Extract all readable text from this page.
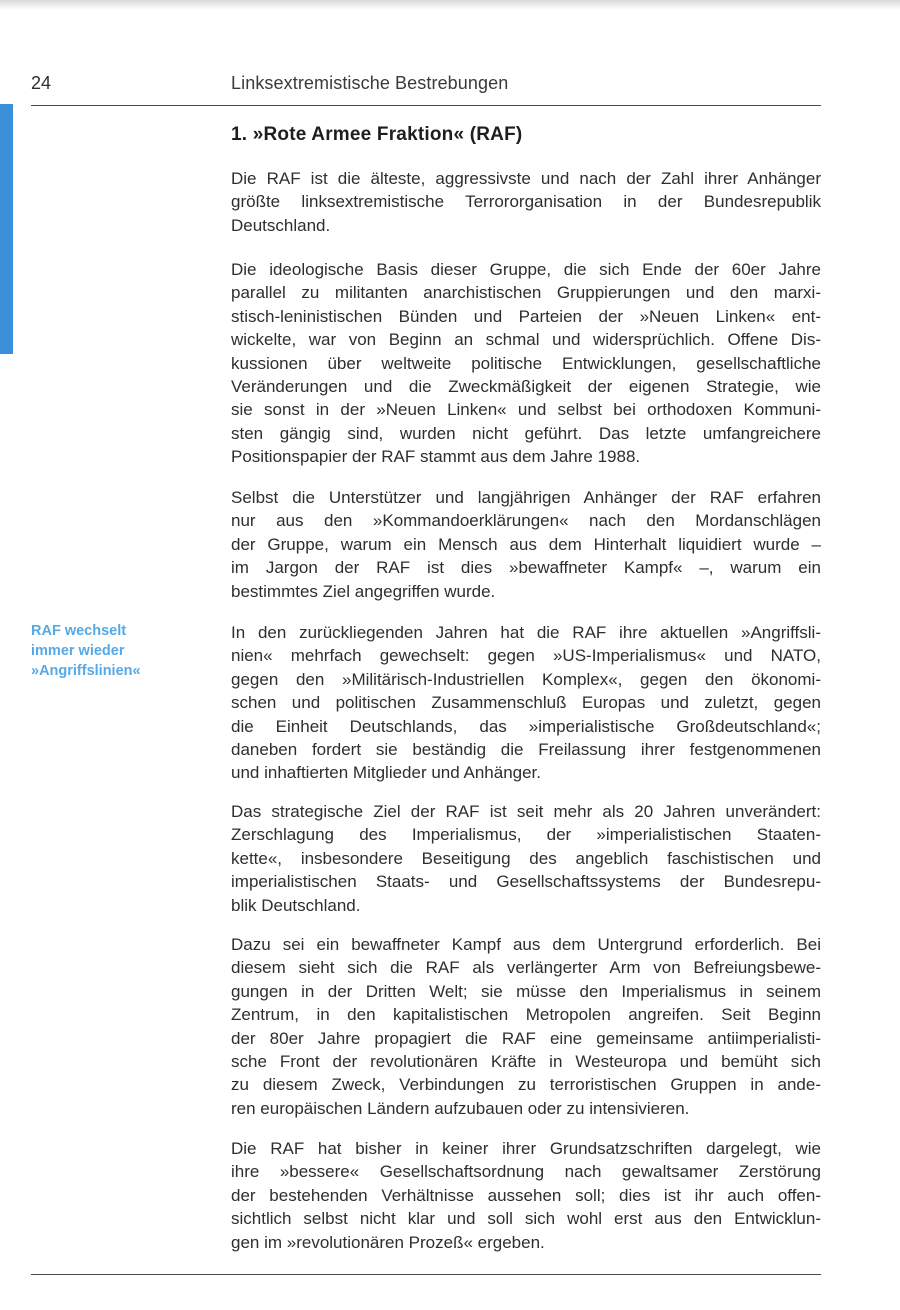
24	Linksextremistische Bestrebungen
1. »Rote Armee Fraktion« (RAF)
RAF wechselt
immer wieder
»Angriffslinien«
Die RAF ist die älteste, aggressivste und nach der Zahl ihrer Anhänger
größte linksextremistische Terrororganisation in der Bundesrepublik
Deutschland.
Die ideologische Basis dieser Gruppe, die sich Ende der 60er Jahre
parallel zu militanten anarchistischen Gruppierungen und den marxi-
stisch-leninistischen Bünden und Parteien der »Neuen Linken« ent-
wickelte, war von Beginn an schmal und widersprüchlich. Offene Dis-
kussionen über weltweite politische Entwicklungen, gesellschaftliche
Veränderungen und die Zweckmäßigkeit der eigenen Strategie, wie
sie sonst in der »Neuen Linken« und selbst bei orthodoxen Kommuni-
sten gängig sind, wurden nicht geführt. Das letzte umfangreichere
Positionspapier der RAF stammt aus dem Jahre 1988.
Selbst die Unterstützer und langjährigen Anhänger der RAF erfahren
nur aus den »Kommandoerklärungen« nach den Mordanschlägen
der Gruppe, warum ein Mensch aus dem Hinterhalt liquidiert wurde –
im Jargon der RAF ist dies »bewaffneter Kampf« –, warum ein
bestimmtes Ziel angegriffen wurde.
In den zurückliegenden Jahren hat die RAF ihre aktuellen »Angriffsli-
nien« mehrfach gewechselt: gegen »US-Imperialismus« und NATO,
gegen den »Militärisch-Industriellen Komplex«, gegen den ökonomi-
schen und politischen Zusammenschluß Europas und zuletzt, gegen
die Einheit Deutschlands, das »imperialistische Großdeutschland«;
daneben fordert sie beständig die Freilassung ihrer festgenommenen
und inhaftierten Mitglieder und Anhänger.
Das strategische Ziel der RAF ist seit mehr als 20 Jahren unverändert:
Zerschlagung des Imperialismus, der »imperialistischen Staaten-
kette«, insbesondere Beseitigung des angeblich faschistischen und
imperialistischen Staats- und Gesellschaftssystems der Bundesrepu-
blik Deutschland.
Dazu sei ein bewaffneter Kampf aus dem Untergrund erforderlich. Bei
diesem sieht sich die RAF als verlängerter Arm von Befreiungsbewe-
gungen in der Dritten Welt; sie müsse den Imperialismus in seinem
Zentrum, in den kapitalistischen Metropolen angreifen. Seit Beginn
der 80er Jahre propagiert die RAF eine gemeinsame antiimperialisti-
sche Front der revolutionären Kräfte in Westeuropa und bemüht sich
zu diesem Zweck, Verbindungen zu terroristischen Gruppen in ande-
ren europäischen Ländern aufzubauen oder zu intensivieren.
Die RAF hat bisher in keiner ihrer Grundsatzschriften dargelegt, wie
ihre »bessere« Gesellschaftsordnung nach gewaltsamer Zerstörung
der bestehenden Verhältnisse aussehen soll; dies ist ihr auch offen-
sichtlich selbst nicht klar und soll sich wohl erst aus den Entwicklun-
gen im »revolutionären Prozeß« ergeben.
